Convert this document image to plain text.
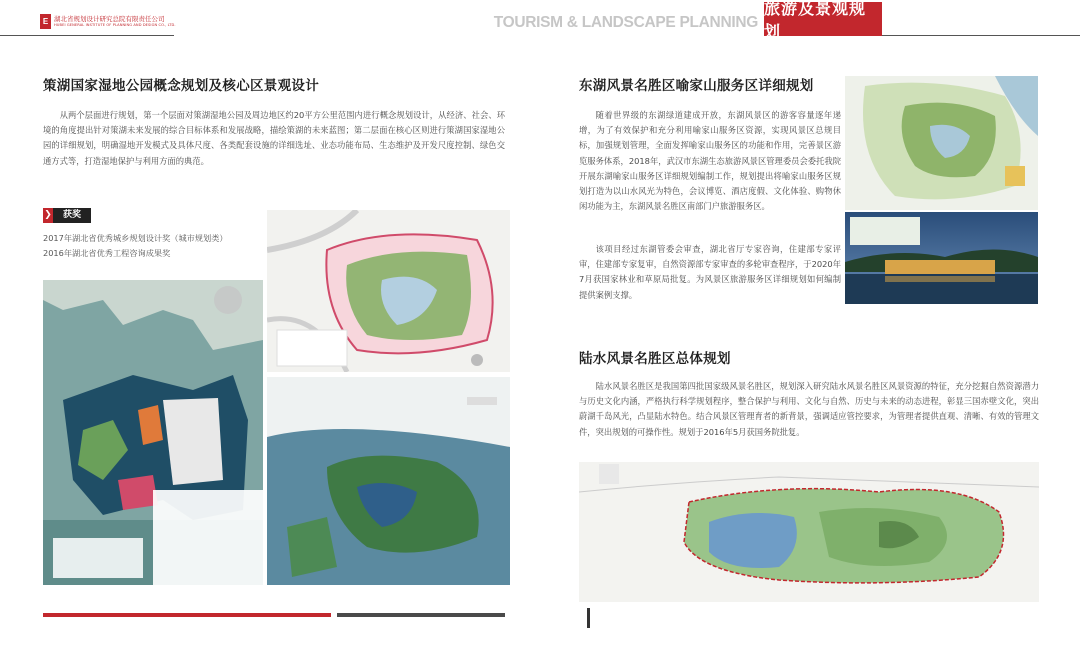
E 湖北省规划设计研究总院有限责任公司
HUBEI GENERAL INSTITUTE OF PLANNING AND DESIGN CO., LTD.	TOURISM & LANDSCAPE PLANNING
旅游及景观规划
策湖国家湿地公园概念规划及核心区景观设计
从两个层面进行规划，第一个层面对策湖湿地公园及周边地区约20平方公里范围内进行概念规划设计，从经济、社会、环境的角度提出针对策湖未来发展的综合目标体系和发展战略，描绘策湖的未来蓝图；第二层面在核心区则进行策湖国家湿地公园的详细规划，明确湿地开发模式及具体尺度、各类配套设施的详细选址、业态功能布局、生态维护及开发尺度控制、绿色交通方式等，打造湿地保护与利用方面的典范。
❯	获奖
2017年湖北省优秀城乡规划设计奖（城市规划类）
2016年湖北省优秀工程咨询成果奖
东湖风景名胜区喻家山服务区详细规划
随着世界级的东湖绿道建成开放，东湖风景区的游客容量逐年递增，为了有效保护和充分利用喻家山服务区资源，实现风景区总规目标，加强规划管理，全面发挥喻家山服务区的功能和作用，完善景区游览服务体系，2018年，武汉市东湖生态旅游风景区管理委员会委托我院开展东湖喻家山服务区详细规划编制工作，规划提出将喻家山服务区规划打造为以山水风光为特色，会议博览、酒店度假、文化体验、购物休闲功能为主，东湖风景名胜区南部门户旅游服务区。
该项目经过东湖管委会审查，湖北省厅专家咨询，住建部专家评审，住建部专家复审，自然资源部专家审查的多轮审查程序，于2020年7月获国家林业和草原局批复。为风景区旅游服务区详细规划如何编制提供案例支撑。
陆水风景名胜区总体规划
陆水风景名胜区是我国第四批国家级风景名胜区，规划深入研究陆水风景名胜区风景资源的特征，充分挖掘自然资源潜力与历史文化内涵，严格执行科学规划程序，整合保护与利用、文化与自然、历史与未来的动态进程，彰显三国赤壁文化，突出蔚湖千岛风光，凸显陆水特色。结合风景区管理育者的新背景，强调适应管控要求，为管理者提供直观、清晰、有效的管理文件，突出规划的可操作性。规划于2016年5月获国务院批复。
